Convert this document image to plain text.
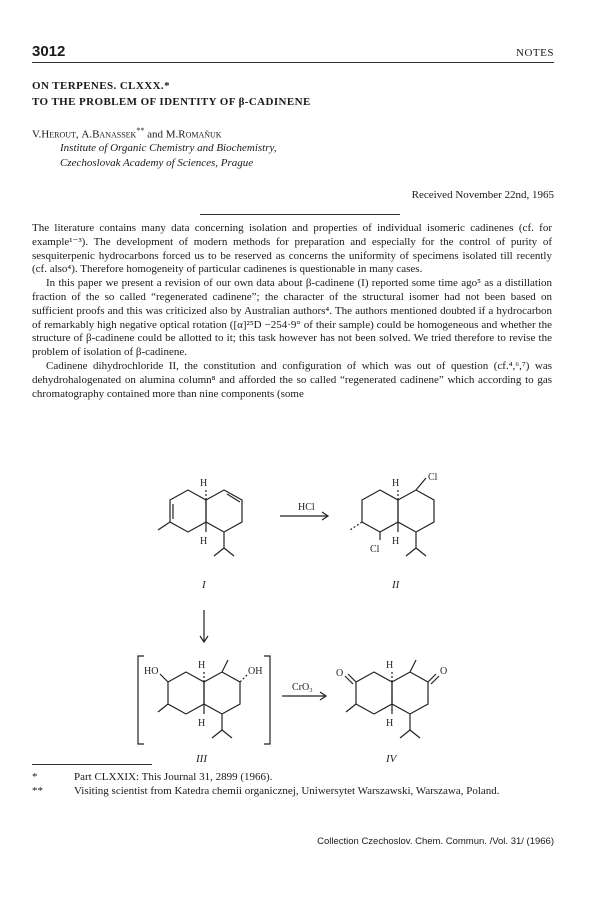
3012	NOTES
ON TERPENES. CLXXX.*
TO THE PROBLEM OF IDENTITY OF β-CADINENE
V.Herout, A.Banassek** and M.Romaňuk
Institute of Organic Chemistry and Biochemistry,
Czechoslovak Academy of Sciences, Prague
Received November 22nd, 1965

The literature contains many data concerning isolation and properties of individual isomeric cadinenes (cf. for example¹⁻³). The development of modern methods for preparation and especially for the control of purity of sesquiterpenic hydrocarbons forced us to be reserved as concerns the uniformity of specimens isolated till recently (cf. also⁴). Therefore homogeneity of particular cadinenes is questionable in many cases.

In this paper we present a revision of our own data about β-cadinene (I) reported some time ago⁵ as a distillation fraction of the so called “regenerated cadinene”; the character of the structural isomer had not been based on sufficient proofs and this was criticized also by Australian authors⁴. The authors mentioned doubted if a hydrocarbon of remarkably high negative optical rotation ([α]²⁵D −254·9° of their sample) could be homogeneous and whether the structure of β-cadinene could be allotted to it; this task however has not been solved. We tried therefore to revise the problem of isolation of β-cadinene.

Cadinene dihydrochloride II, the constitution and configuration of which was out of question (cf.⁴,⁶,⁷) was dehydrohalogenated on alumina column⁸ and afforded the so called “regenerated cadinene” which according to gas chromatography contained more than nine components (some

H
H
H
Cl
Cl
H
HCl
H
HO	OH
H
CrO₃
H
O	O
H
I	II
III	IV
*	Part CLXXIX: This Journal 31, 2899 (1966).
**	Visiting scientist from Katedra chemii organicznej, Uniwersytet Warszawski, Warszawa, Poland.
Collection Czechoslov. Chem. Commun. /Vol. 31/ (1966)
